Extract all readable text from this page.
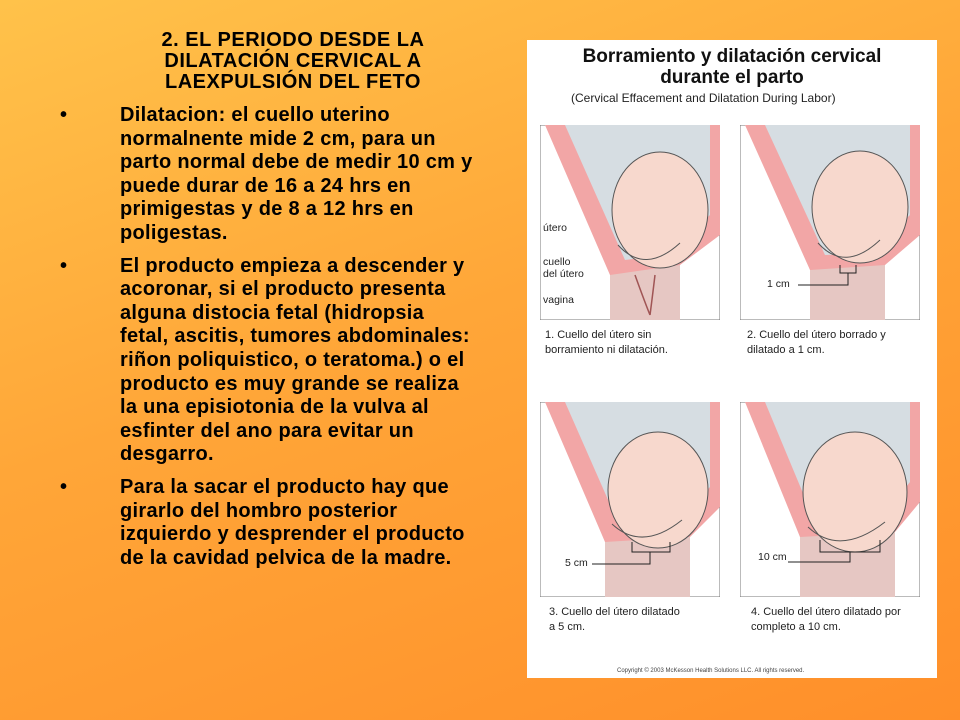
2. EL PERIODO DESDE LA DILATACIÓN CERVICAL A LAEXPULSIÓN DEL FETO
•	Dilatacion: el cuello uterino normalnente mide 2 cm, para un parto normal debe de medir 10 cm y puede durar de 16 a 24 hrs en primigestas y de 8 a 12 hrs en poligestas.
•	El producto empieza a descender y acoronar, si el producto presenta alguna distocia fetal (hidropsia fetal, ascitis, tumores abdominales: riñon poliquistico, o teratoma.) o el producto es muy grande se realiza la una episiotonia de la vulva al esfinter del ano para evitar un desgarro.
•	Para la sacar el producto hay que girarlo del hombro posterior izquierdo y desprender el producto de la cavidad pelvica de la madre.
Borramiento y dilatación cervical
durante el parto
(Cervical Effacement and Dilatation During Labor)
útero
cuello
del útero
vagina
1. Cuello del útero sin
borramiento ni dilatación.
1 cm
2. Cuello del útero borrado y
dilatado a 1 cm.
5 cm
3. Cuello del útero dilatado
a 5 cm.
10 cm
4. Cuello del útero dilatado por
completo a 10 cm.
Copyright © 2003 McKesson Health Solutions LLC. All rights reserved.
